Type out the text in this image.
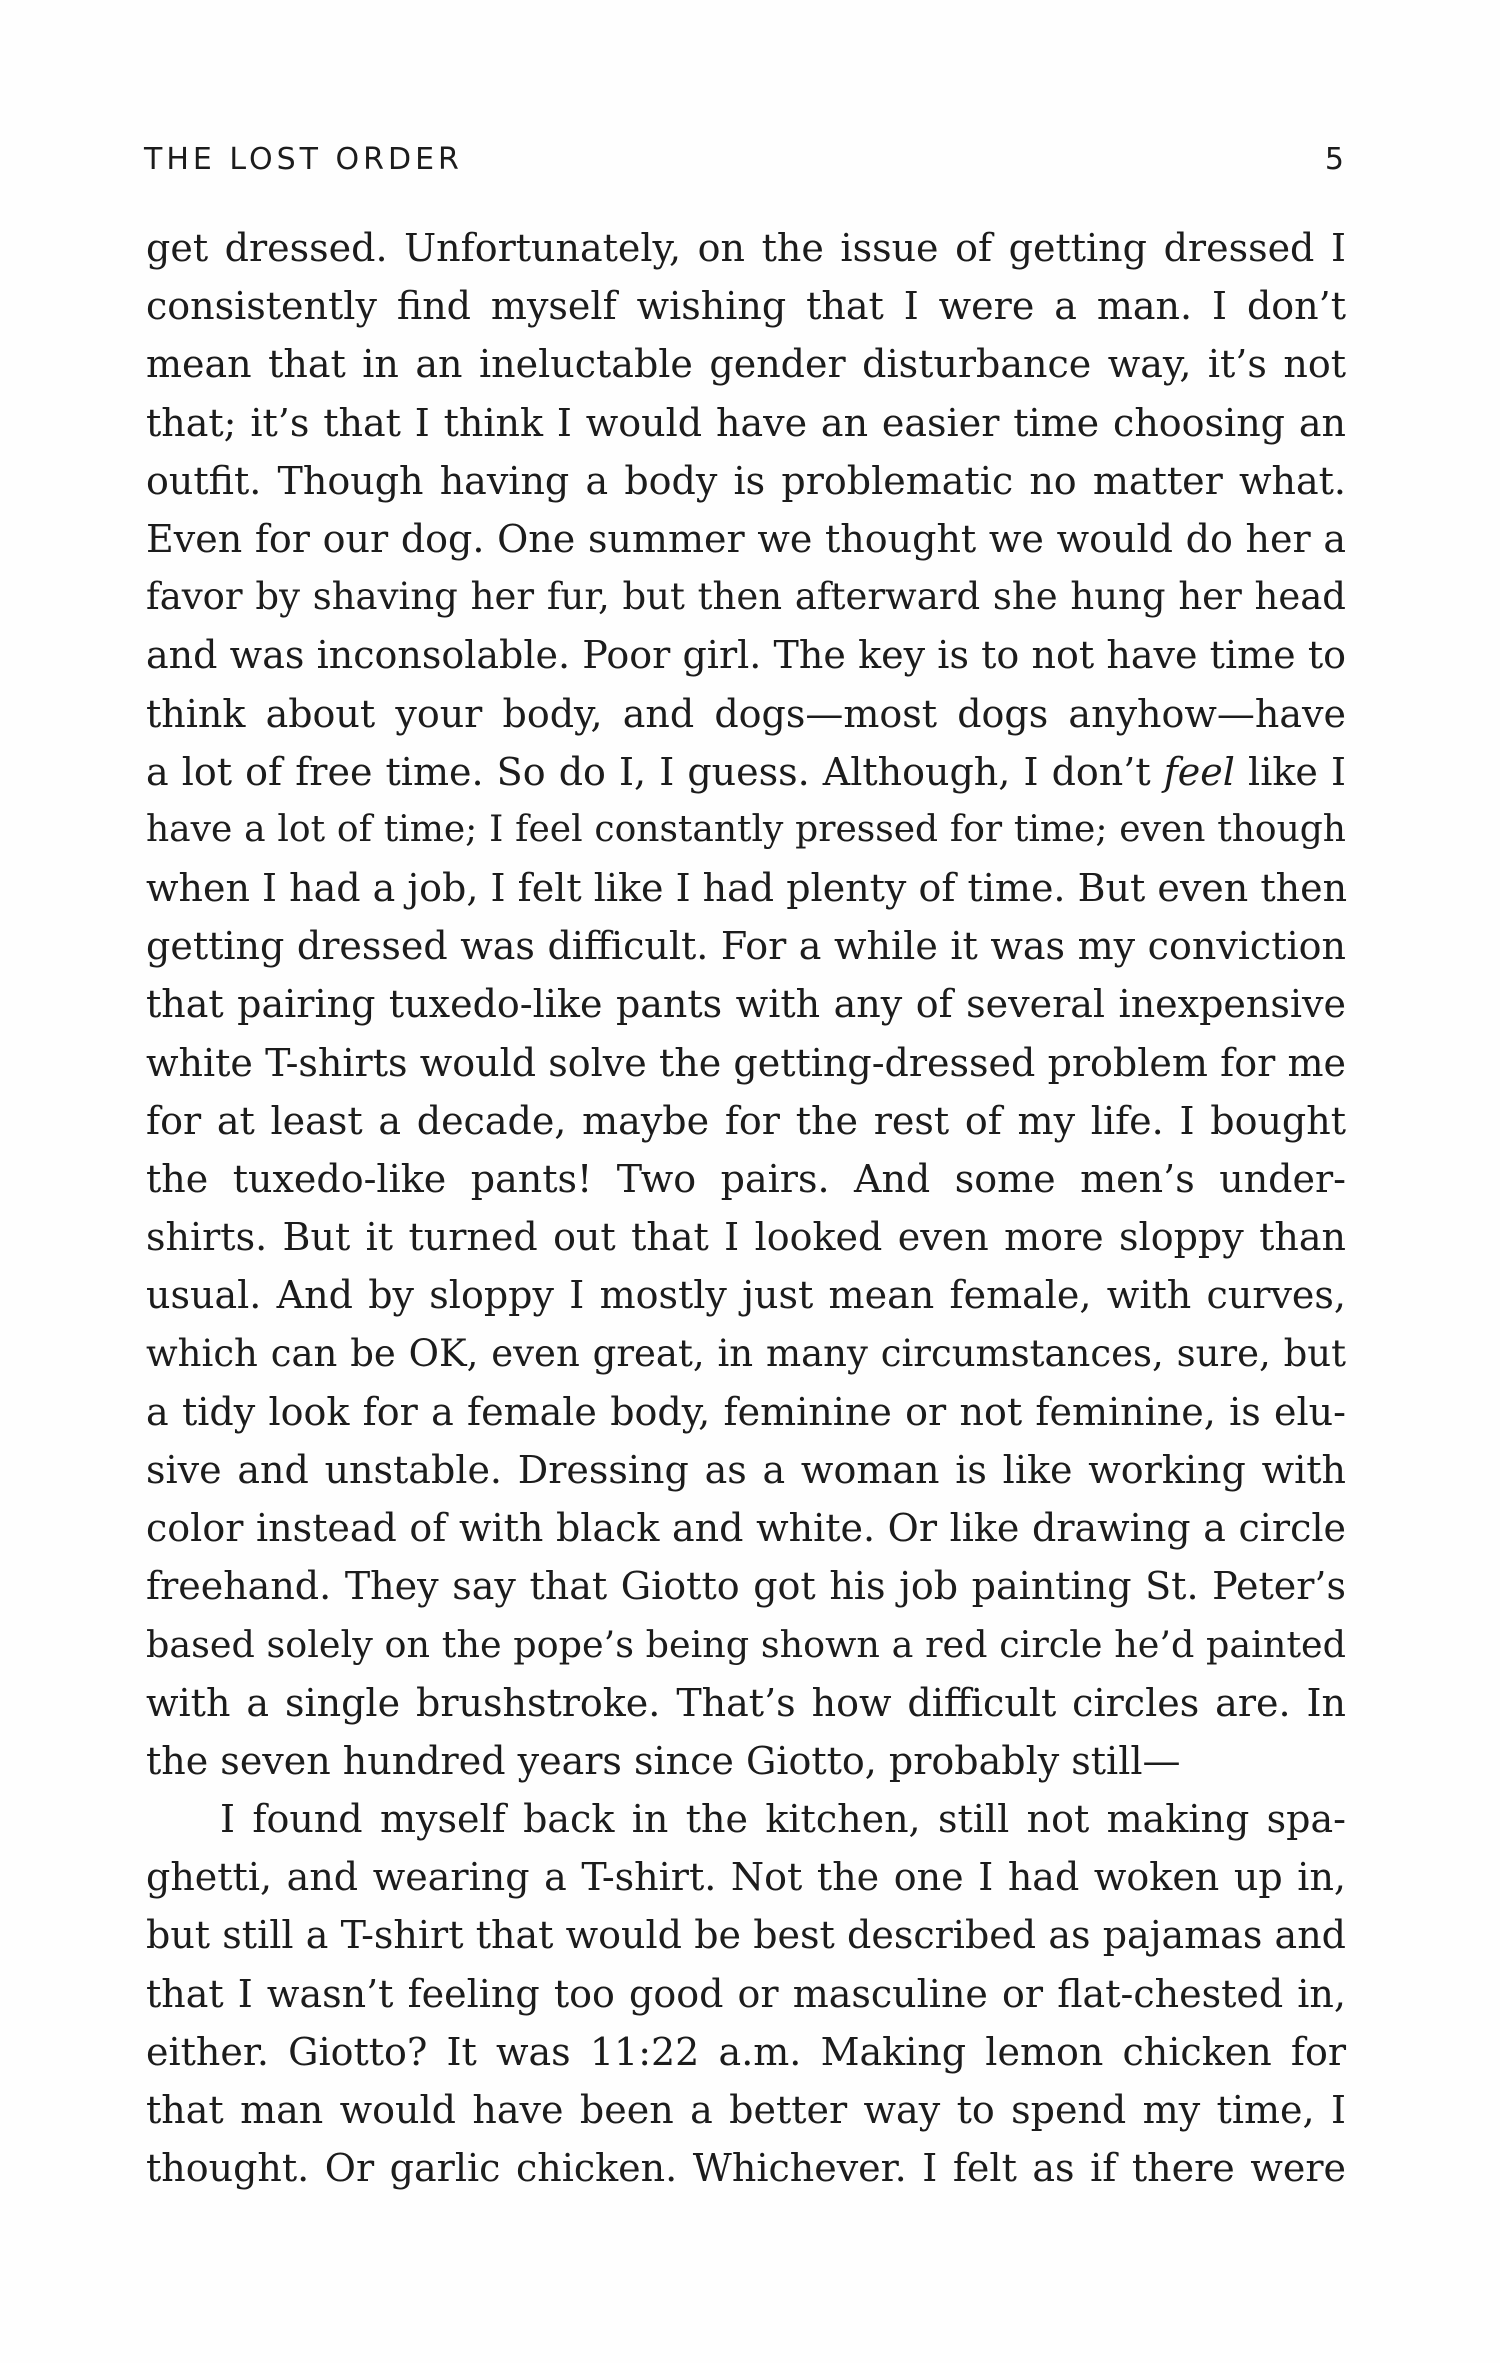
THE LOST ORDER	5
get dressed. Unfortunately, on the issue of getting dressed I
consistently find myself wishing that I were a man. I don’t
mean that in an ineluctable gender disturbance way, it’s not
that; it’s that I think I would have an easier time choosing an
outfit. Though having a body is problematic no matter what.
Even for our dog. One summer we thought we would do her a
favor by shaving her fur, but then afterward she hung her head
and was inconsolable. Poor girl. The key is to not have time to
think about your body, and dogs—most dogs anyhow—have
a lot of free time. So do I, I guess. Although, I don’t feel like I
have a lot of time; I feel constantly pressed for time; even though
when I had a job, I felt like I had plenty of time. But even then
getting dressed was difficult. For a while it was my conviction
that pairing tuxedo-like pants with any of several inexpensive
white T-shirts would solve the getting-dressed problem for me
for at least a decade, maybe for the rest of my life. I bought
the tuxedo-like pants! Two pairs. And some men’s under-
shirts. But it turned out that I looked even more sloppy than
usual. And by sloppy I mostly just mean female, with curves,
which can be OK, even great, in many circumstances, sure, but
a tidy look for a female body, feminine or not feminine, is elu-
sive and unstable. Dressing as a woman is like working with
color instead of with black and white. Or like drawing a circle
freehand. They say that Giotto got his job painting St. Peter’s
based solely on the pope’s being shown a red circle he’d painted
with a single brushstroke. That’s how difficult circles are. In
the seven hundred years since Giotto, probably still—
I found myself back in the kitchen, still not making spa-
ghetti, and wearing a T-shirt. Not the one I had woken up in,
but still a T-shirt that would be best described as pajamas and
that I wasn’t feeling too good or masculine or flat-chested in,
either. Giotto? It was 11:22 a.m. Making lemon chicken for
that man would have been a better way to spend my time, I
thought. Or garlic chicken. Whichever. I felt as if there were
